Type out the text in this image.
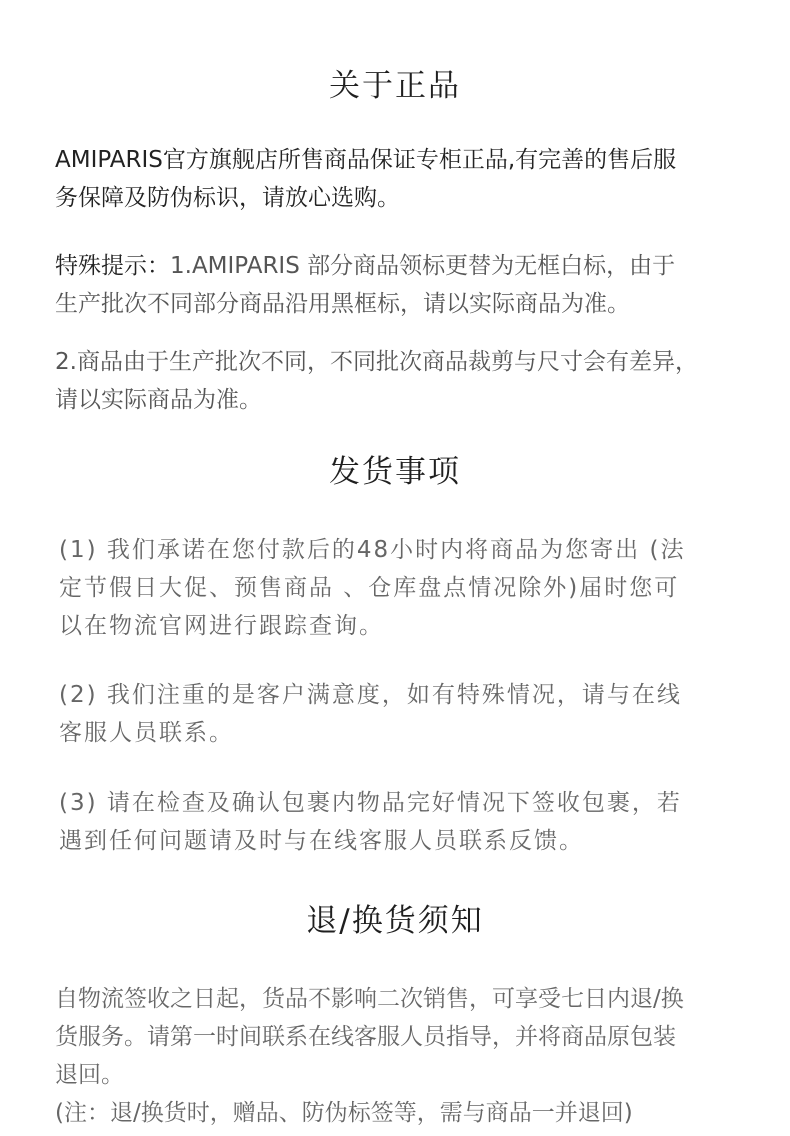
关于正品
AMIPARIS官方旗舰店所售商品保证专柜正品,有完善的售后服
务保障及防伪标识，请放心选购。
特殊提示：1.AMIPARIS 部分商品领标更替为无框白标，由于
生产批次不同部分商品沿用黑框标，请以实际商品为准。
2.商品由于生产批次不同，不同批次商品裁剪与尺寸会有差异，
请以实际商品为准。
发货事项
(1) 我们承诺在您付款后的48小时内将商品为您寄出 (法
定节假日大促、预售商品 、仓库盘点情况除外)届时您可
以在物流官网进行跟踪查询。
(2) 我们注重的是客户满意度，如有特殊情况，请与在线
客服人员联系。
(3) 请在检查及确认包裹内物品完好情况下签收包裹，若
遇到任何问题请及时与在线客服人员联系反馈。
退/换货须知
自物流签收之日起，货品不影响二次销售，可享受七日内退/换
货服务。请第一时间联系在线客服人员指导，并将商品原包装
退回。
(注：退/换货时，赠品、防伪标签等，需与商品一并退回)
